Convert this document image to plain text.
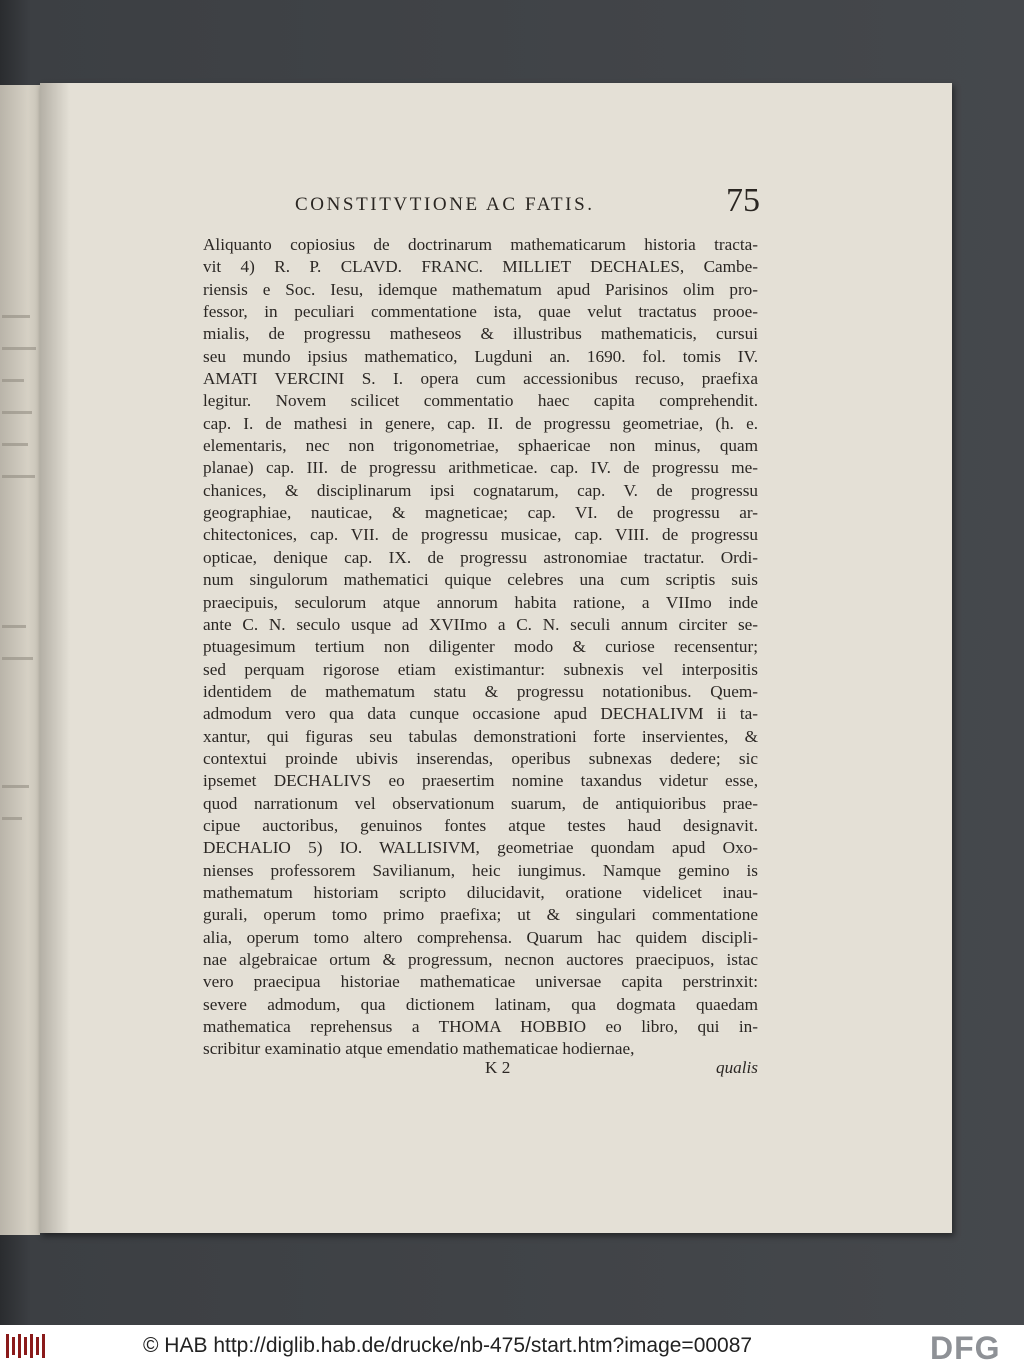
CONSTITVTIONE AC FATIS.	75
Aliquanto copiosius de doctrinarum mathematicarum historia tracta-
vit 4) R. P. CLAVD. FRANC. MILLIET DECHALES, Cambe-
riensis e Soc. Iesu, idemque mathematum apud Parisinos olim pro-
fessor, in peculiari commentatione ista, quae velut tractatus prooe-
mialis, de progressu matheseos & illustribus mathematicis, cursui
seu mundo ipsius mathematico, Lugduni an. 1690. fol. tomis IV.
AMATI VERCINI S. I. opera cum accessionibus recuso, praefixa
legitur. Novem scilicet commentatio haec capita comprehendit.
cap. I. de mathesi in genere, cap. II. de progressu geometriae, (h. e.
elementaris, nec non trigonometriae, sphaericae non minus, quam
planae) cap. III. de progressu arithmeticae. cap. IV. de progressu me-
chanices, & disciplinarum ipsi cognatarum, cap. V. de progressu
geographiae, nauticae, & magneticae; cap. VI. de progressu ar-
chitectonices, cap. VII. de progressu musicae, cap. VIII. de progressu
opticae, denique cap. IX. de progressu astronomiae tractatur. Ordi-
num singulorum mathematici quique celebres una cum scriptis suis
praecipuis, seculorum atque annorum habita ratione, a VIImo inde
ante C. N. seculo usque ad XVIImo a C. N. seculi annum circiter se-
ptuagesimum tertium non diligenter modo & curiose recensentur;
sed perquam rigorose etiam existimantur: subnexis vel interpositis
identidem de mathematum statu & progressu notationibus. Quem-
admodum vero qua data cunque occasione apud DECHALIVM ii ta-
xantur, qui figuras seu tabulas demonstrationi forte inservientes, &
contextui proinde ubivis inserendas, operibus subnexas dedere; sic
ipsemet DECHALIVS eo praesertim nomine taxandus videtur esse,
quod narrationum vel observationum suarum, de antiquioribus prae-
cipue auctoribus, genuinos fontes atque testes haud designavit.
DECHALIO 5) IO. WALLISIVM, geometriae quondam apud Oxo-
nienses professorem Savilianum, heic iungimus. Namque gemino is
mathematum historiam scripto dilucidavit, oratione videlicet inau-
gurali, operum tomo primo praefixa; ut & singulari commentatione
alia, operum tomo altero comprehensa. Quarum hac quidem discipli-
nae algebraicae ortum & progressum, necnon auctores praecipuos, istac
vero praecipua historiae mathematicae universae capita perstrinxit:
severe admodum, qua dictionem latinam, qua dogmata quaedam
mathematica reprehensus a THOMA HOBBIO eo libro, qui in-
scribitur examinatio atque emendatio mathematicae hodiernae,
K 2	qualis
© HAB http://diglib.hab.de/drucke/nb-475/start.htm?image=00087	DFG
